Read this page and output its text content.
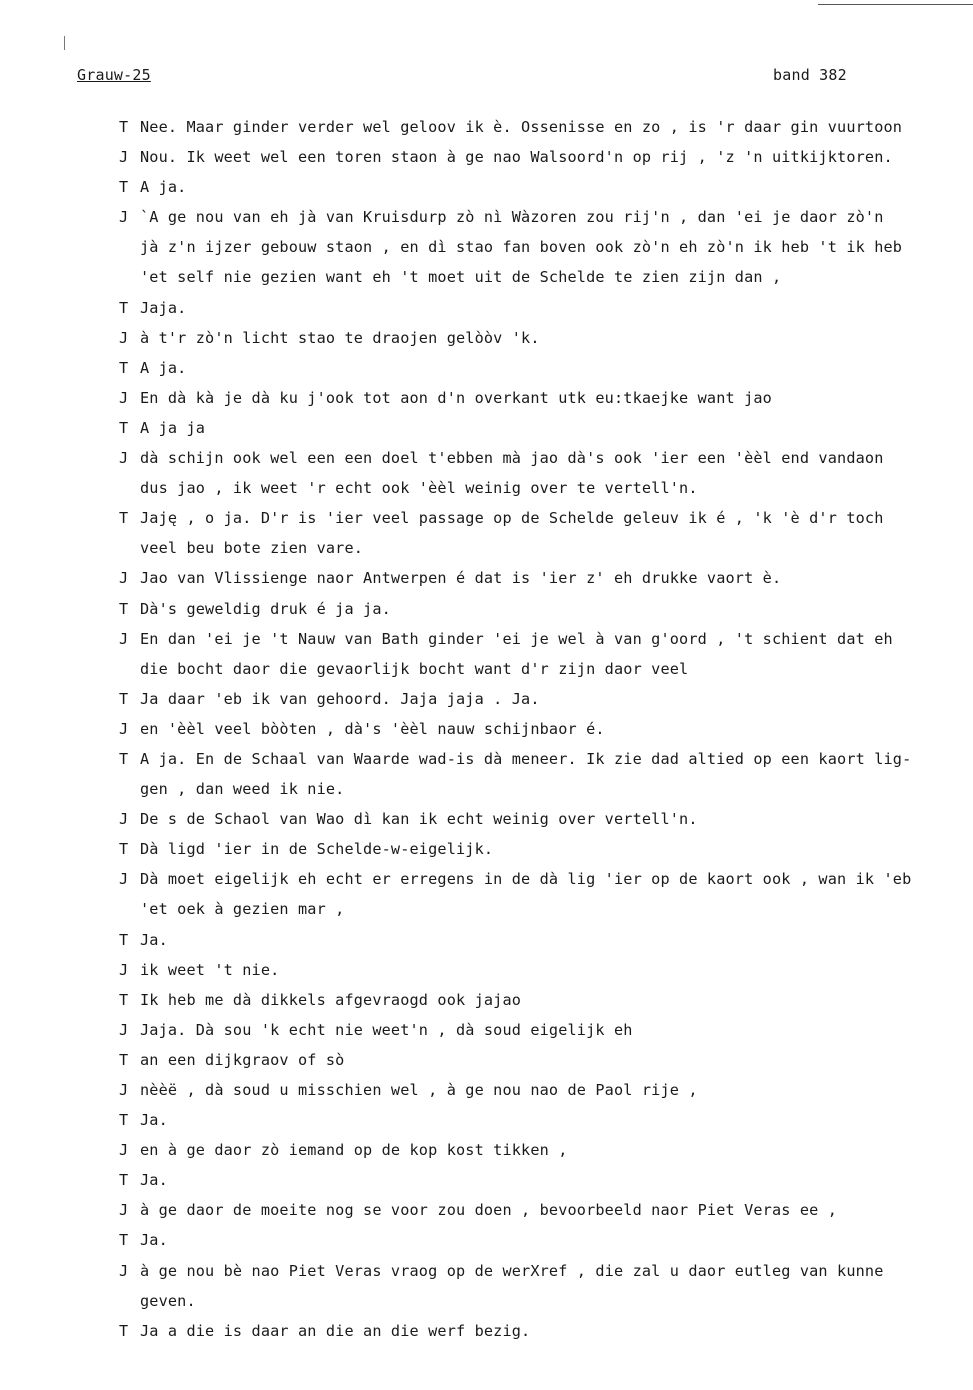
Grauw-25	band 382
T Nee. Maar ginder verder wel geloov ik è. Ossenisse en zo , is 'r daar gin vuurtoon
J Nou. Ik weet wel een toren staon à ge nao Walsoord'n op rij , 'z 'n uitkijktoren.
T A ja.
J `A ge nou van eh jà van Kruisdurp zò nì Wàzoren zou rij'n , dan 'ei je daor zò'n
jà z'n ijzer gebouw staon , en dì stao fan boven ook zò'n eh zò'n ik heb 't ik heb
'et self nie gezien want eh 't moet uit de Schelde te zien zijn dan ,
T Jaja.
J à t'r zò'n licht stao te draojen gelòòv 'k.
T A ja.
J En dà kà je dà ku j'ook tot aon d'n overkant utk eu:tkaejke want jao
T A ja ja
J dà schijn ook wel een een doel t'ebben mà jao dà's ook 'ier een 'èèl end vandaon
dus jao , ik weet 'r echt ook 'èèl weinig over te vertell'n.
T Jaję , o ja. D'r is 'ier veel passage op de Schelde geleuv ik é , 'k 'è d'r toch
veel beu bote zien vare.
J Jao van Vlissienge naor Antwerpen é dat is 'ier z' eh drukke vaort è.
T Dà's geweldig druk é ja ja.
J En dan 'ei je 't Nauw van Bath ginder 'ei je wel à van g'oord , 't schient dat eh
die bocht daor die gevaorlijk bocht want d'r zijn daor veel
T Ja daar 'eb ik van gehoord. Jaja jaja . Ja.
J en 'èèl veel bòòten , dà's 'èèl nauw schijnbaor é.
T A ja. En de Schaal van Waarde wad-is dà meneer. Ik zie dad altied op een kaort lig-
gen , dan weed ik nie.
J De s de Schaol van Wao dì kan ik echt weinig over vertell'n.
T Dà ligd 'ier in de Schelde-w-eigelijk.
J Dà moet eigelijk eh echt er erregens in de dà lig 'ier op de kaort ook , wan ik 'eb
'et oek à gezien mar ,
T Ja.
J ik weet 't nie.
T Ik heb me dà dikkels afgevraogd ook jajao
J Jaja. Dà sou 'k echt nie weet'n , dà soud eigelijk eh
T an een dijkgraov of sò
J nèèë , dà soud u misschien wel , à ge nou nao de Paol rije ,
T Ja.
J en à ge daor zò iemand op de kop kost tikken ,
T Ja.
J à ge daor de moeite nog se voor zou doen , bevoorbeeld naor Piet Veras ee ,
T Ja.
J à ge nou bè nao Piet Veras vraog op de werXref , die zal u daor eutleg van kunne
geven.
T Ja a die is daar an die an die werf bezig.
